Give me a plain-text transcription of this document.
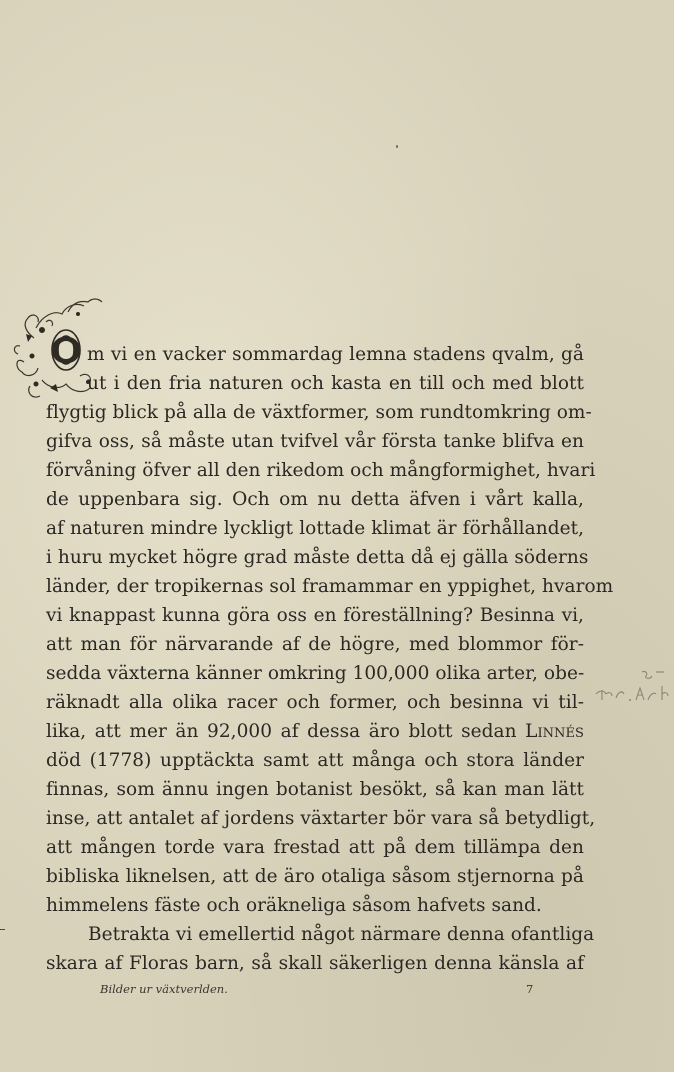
m vi en vacker sommardag lemna stadens qvalm, gå
ut i den fria naturen och kasta en till och med blott
flygtig blick på alla de växtformer, som rundtomkring om-
gifva oss, så måste utan tvifvel vår första tanke blifva en
förvåning öfver all den rikedom och mångformighet, hvari
de uppenbara sig. Och om nu detta äfven i vårt kalla,
af naturen mindre lyckligt lottade klimat är förhållandet,
i huru mycket högre grad måste detta då ej gälla söderns
länder, der tropikernas sol framammar en yppighet, hvarom
vi knappast kunna göra oss en föreställning? Besinna vi,
att man för närvarande af de högre, med blommor för-
sedda växterna känner omkring 100,000 olika arter, obe-
räknadt alla olika racer och former, och besinna vi til-
lika, att mer än 92,000 af dessa äro blott sedan Linnés
död (1778) upptäckta samt att många och stora länder
finnas, som ännu ingen botanist besökt, så kan man lätt
inse, att antalet af jordens växtarter bör vara så betydligt,
att mången torde vara frestad att på dem tillämpa den
bibliska liknelsen, att de äro otaliga såsom stjernorna på
himmelens fäste och oräkneliga såsom hafvets sand.
Betrakta vi emellertid något närmare denna ofantliga
skara af Floras barn, så skall säkerligen denna känsla af
Bilder ur växtverlden.	7
